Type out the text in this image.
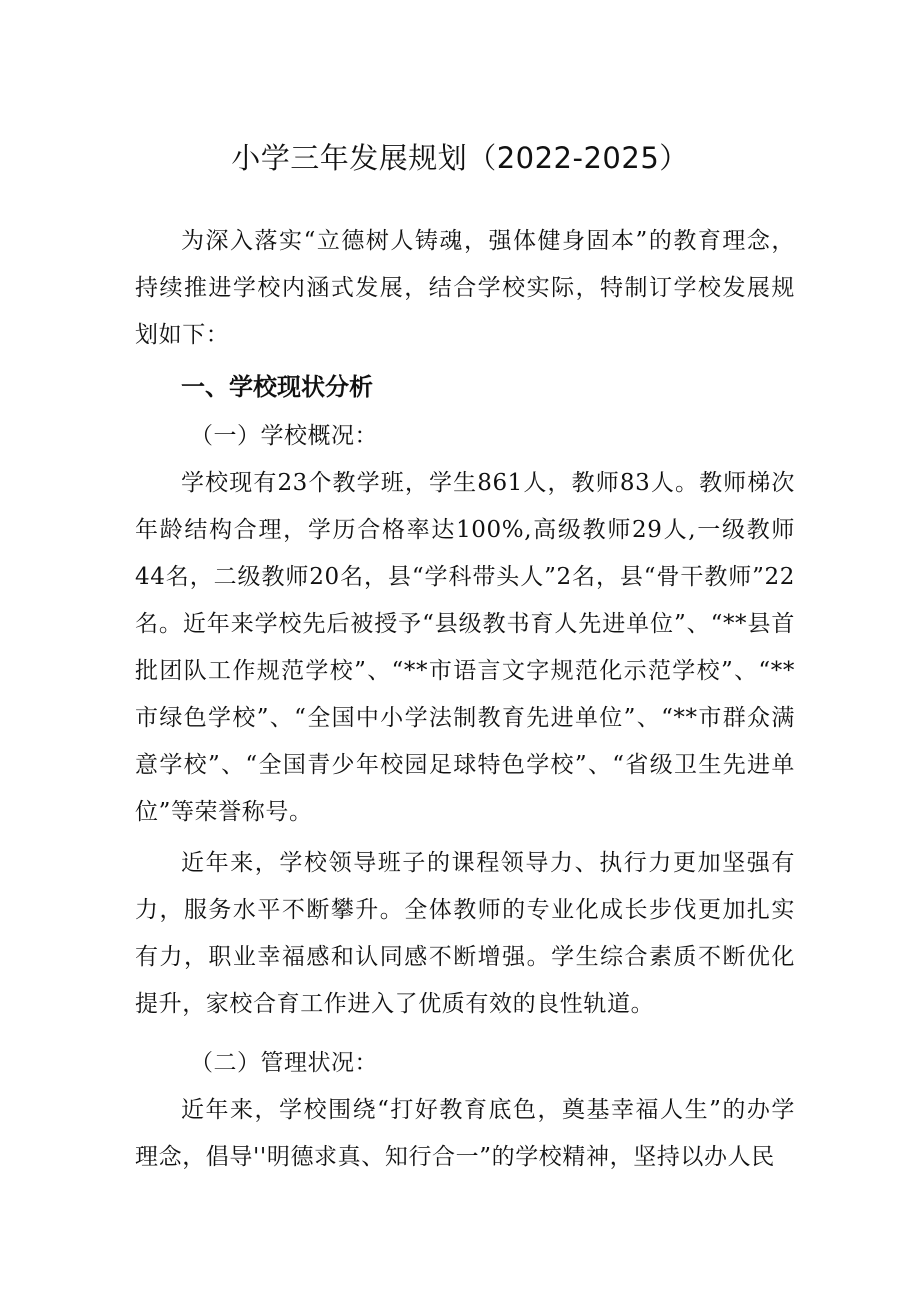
小学三年发展规划（2022-2025）

为深入落实“立德树人铸魂，强体健身固本”的教育理念，持续推进学校内涵式发展，结合学校实际，特制订学校发展规划如下：

一、学校现状分析
（一）学校概况：

学校现有23个教学班，学生861人，教师83人。教师梯次年龄结构合理，学历合格率达100%,高级教师29人,一级教师44名，二级教师20名，县“学科带头人”2名，县“骨干教师”22名。近年来学校先后被授予“县级教书育人先进单位”、“**县首批团队工作规范学校”、“**市语言文字规范化示范学校”、“**市绿色学校”、“全国中小学法制教育先进单位”、“**市群众满意学校”、“全国青少年校园足球特色学校”、“省级卫生先进单位”等荣誉称号。

近年来，学校领导班子的课程领导力、执行力更加坚强有力，服务水平不断攀升。全体教师的专业化成长步伐更加扎实有力，职业幸福感和认同感不断增强。学生综合素质不断优化提升，家校合育工作进入了优质有效的良性轨道。

（二）管理状况：

近年来，学校围绕“打好教育底色，奠基幸福人生”的办学理念，倡导''明德求真、知行合一”的学校精神，坚持以办人民
